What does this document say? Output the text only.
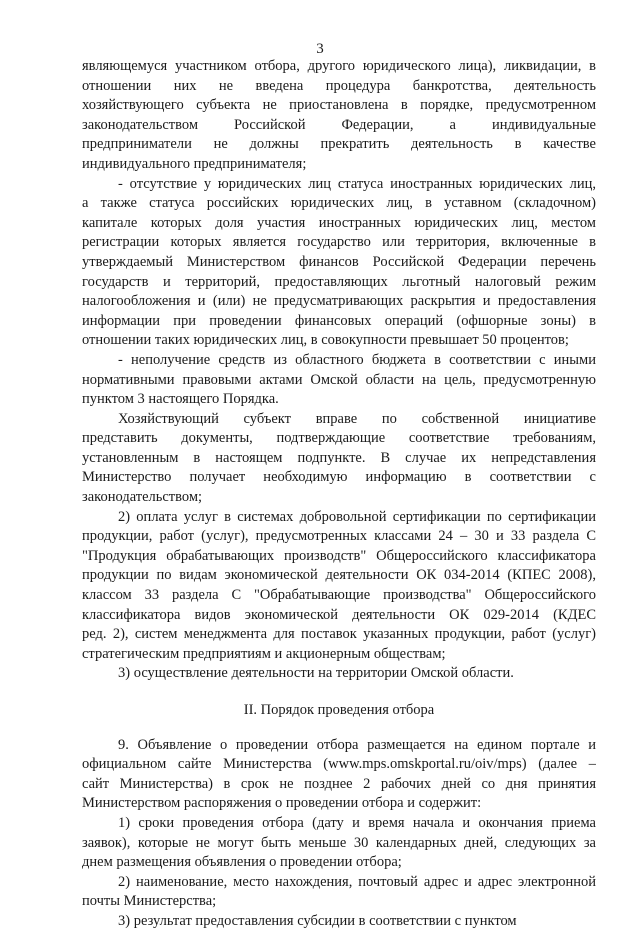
3
являющемуся участником отбора, другого юридического лица), ликвидации, в
отношении них не введена процедура банкротства, деятельность
хозяйствующего субъекта не приостановлена в порядке, предусмотренном
законодательством Российской Федерации, а индивидуальные
предприниматели не должны прекратить деятельность в качестве
индивидуального предпринимателя;
- отсутствие у юридических лиц статуса иностранных юридических лиц,
а также статуса российских юридических лиц, в уставном (складочном)
капитале которых доля участия иностранных юридических лиц, местом
регистрации которых является государство или территория, включенные в
утверждаемый Министерством финансов Российской Федерации перечень
государств и территорий, предоставляющих льготный налоговый режим
налогообложения и (или) не предусматривающих раскрытия и предоставления
информации при проведении финансовых операций (офшорные зоны) в
отношении таких юридических лиц, в совокупности превышает 50 процентов;
- неполучение средств из областного бюджета в соответствии с иными
нормативными правовыми актами Омской области на цель, предусмотренную
пунктом 3 настоящего Порядка.
Хозяйствующий субъект вправе по собственной инициативе
представить документы, подтверждающие соответствие требованиям,
установленным в настоящем подпункте. В случае их непредставления
Министерство получает необходимую информацию в соответствии с
законодательством;
2) оплата услуг в системах добровольной сертификации по сертификации
продукции, работ (услуг), предусмотренных классами 24 – 30 и 33 раздела С
"Продукция обрабатывающих производств" Общероссийского классификатора
продукции по видам экономической деятельности ОК 034-2014 (КПЕС 2008),
классом 33 раздела С "Обрабатывающие производства" Общероссийского
классификатора видов экономической деятельности ОК 029-2014 (КДЕС
ред. 2), систем менеджмента для поставок указанных продукции, работ (услуг)
стратегическим предприятиям и акционерным обществам;
3) осуществление деятельности на территории Омской области.
II. Порядок проведения отбора
9. Объявление о проведении отбора размещается на едином портале и
официальном сайте Министерства (www.mps.omskportal.ru/oiv/mps) (далее –
сайт Министерства) в срок не позднее 2 рабочих дней со дня принятия
Министерством распоряжения о проведении отбора и содержит:
1) сроки проведения отбора (дату и время начала и окончания приема
заявок), которые не могут быть меньше 30 календарных дней, следующих за
днем размещения объявления о проведении отбора;
2) наименование, место нахождения, почтовый адрес и адрес электронной
почты Министерства;
3) результат предоставления субсидии в соответствии с пунктом
